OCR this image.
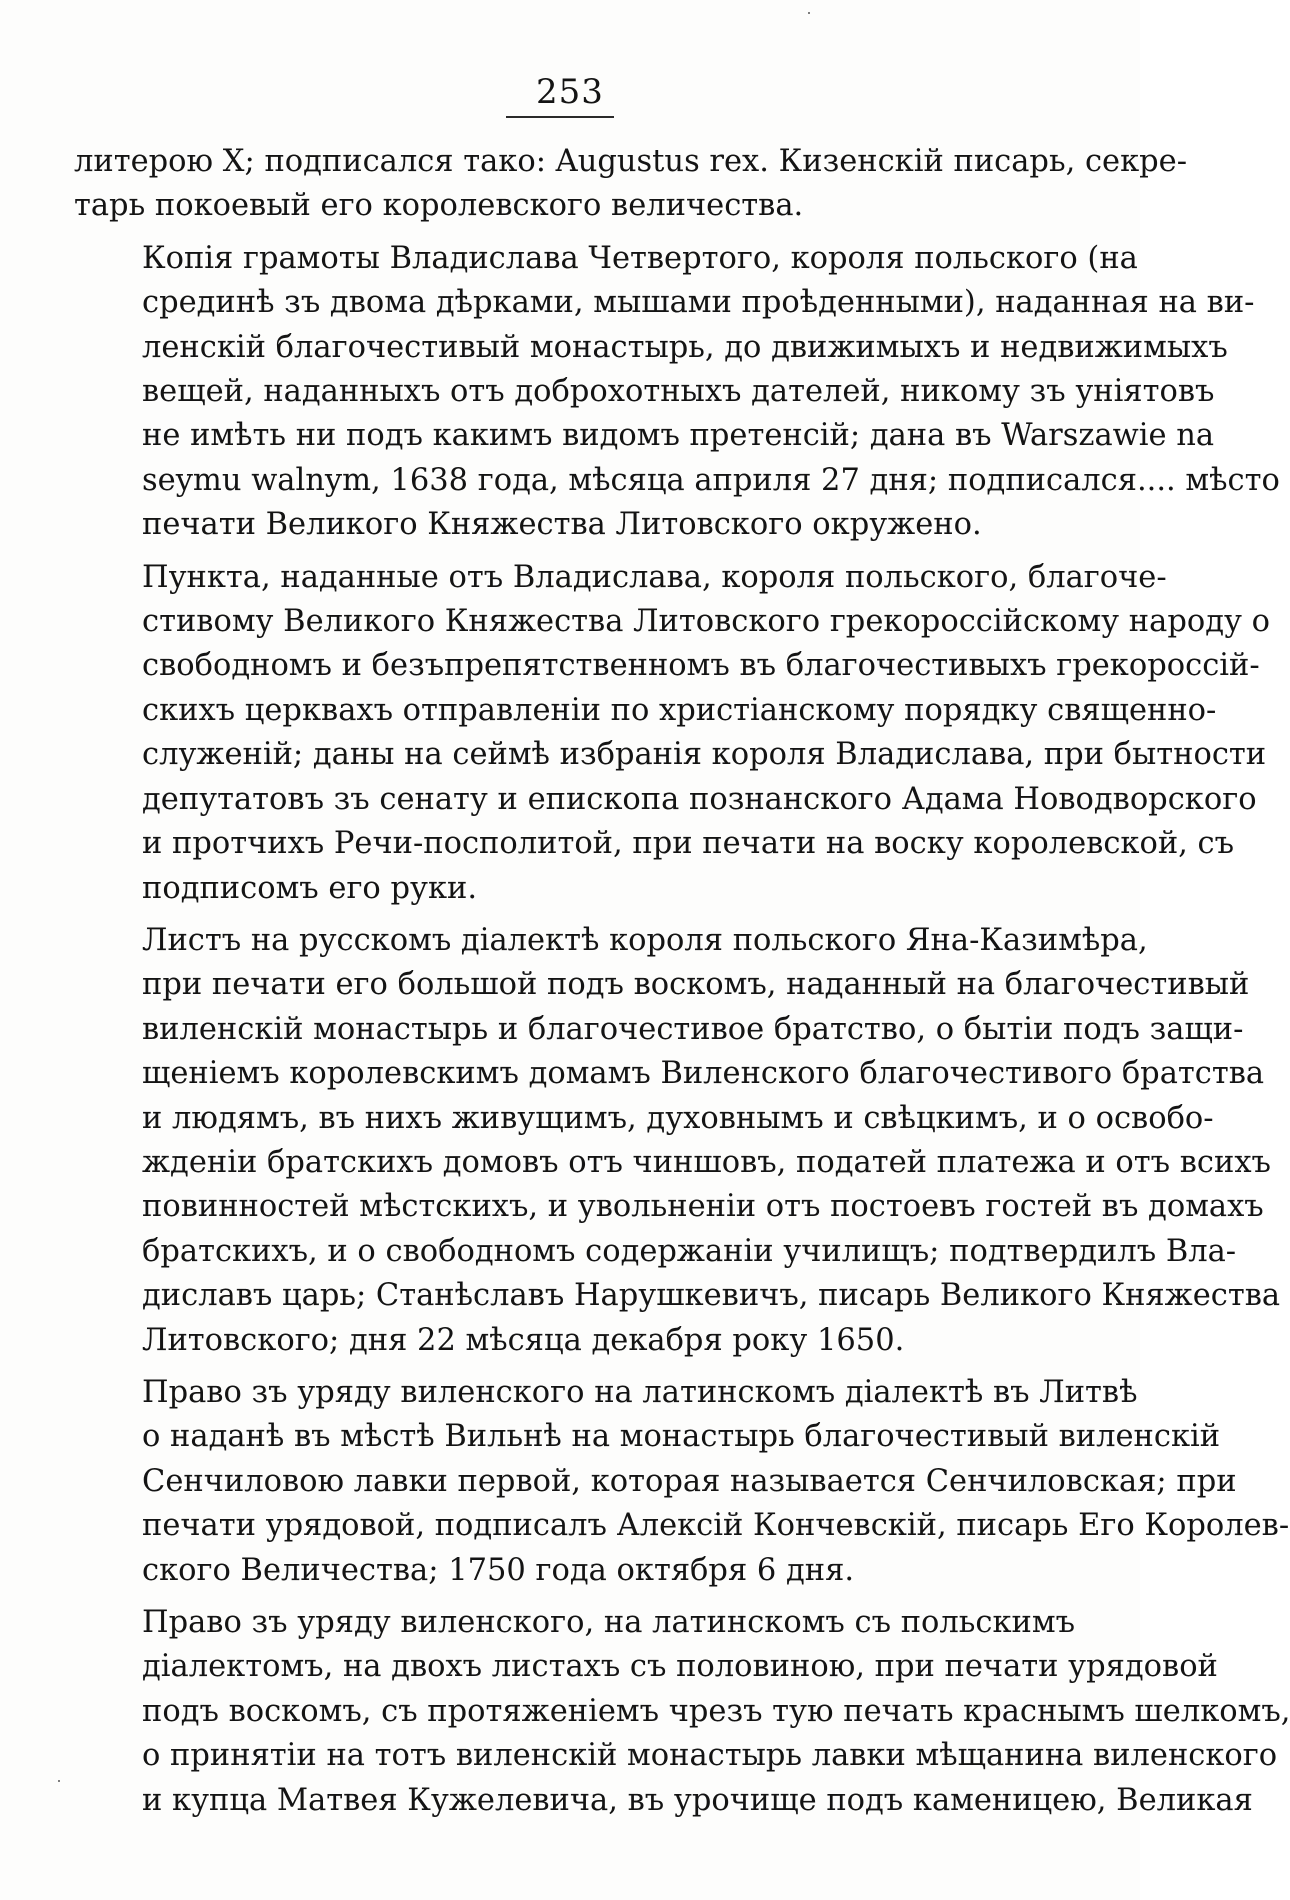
253

литерою X; подписался тако: Augustus rex. Кизенскій писарь, секре-
тарь покоевый его королевского величества.

Копія грамоты Владислава Четвертого, короля польского (на
срединѣ зъ двома дѣрками, мышами проѣденными), наданная на ви-
ленскій благочестивый монастырь, до движимыхъ и недвижимыхъ
вещей, наданныхъ отъ доброхотныхъ дателей, никому зъ уніятовъ
не имѣть ни подъ какимъ видомъ претенсій; дана въ Warszawie na
seymu walnym, 1638 года, мѣсяца априля 27 дня; подписался.... мѣсто
печати Великого Княжества Литовского окружено.

Пункта, наданные отъ Владислава, короля польского, благоче-
стивому Великого Княжества Литовского грекороссійскому народу о
свободномъ и безъпрепятственномъ въ благочестивыхъ грекороссій-
скихъ церквахъ отправленіи по христіанскому порядку священно-
служеній; даны на сеймѣ избранія короля Владислава, при бытности
депутатовъ зъ сенату и епископа познанского Адама Новодворского
и протчихъ Речи-посполитой, при печати на воску королевской, съ
подписомъ его руки.

Листъ на русскомъ діалектѣ короля польского Яна-Казимѣра,
при печати его большой подъ воскомъ, наданный на благочестивый
виленскій монастырь и благочестивое братство, о бытіи подъ защи-
щеніемъ королевскимъ домамъ Виленского благочестивого братства
и людямъ, въ нихъ живущимъ, духовнымъ и свѣцкимъ, и о освобо-
жденіи братскихъ домовъ отъ чиншовъ, податей платежа и отъ всихъ
повинностей мѣстскихъ, и увольненіи отъ постоевъ гостей въ домахъ
братскихъ, и о свободномъ содержаніи училищъ; подтвердилъ Вла-
диславъ царь; Станѣславъ Нарушкевичъ, писарь Великого Княжества
Литовского; дня 22 мѣсяца декабря року 1650.

Право зъ уряду виленского на латинскомъ діалектѣ въ Литвѣ
о наданѣ въ мѣстѣ Вильнѣ на монастырь благочестивый виленскій
Сенчиловою лавки первой, которая называется Сенчиловская; при
печати урядовой, подписалъ Алексій Кончевскій, писарь Его Королев-
ского Величества; 1750 года октября 6 дня.

Право зъ уряду виленского, на латинскомъ съ польскимъ
діалектомъ, на двохъ листахъ съ половиною, при печати урядовой
подъ воскомъ, съ протяженіемъ чрезъ тую печать краснымъ шелкомъ,
о принятіи на тотъ виленскій монастырь лавки мѣщанина виленского
и купца Матвея Кужелевича, въ урочище подъ каменицею, Великая
